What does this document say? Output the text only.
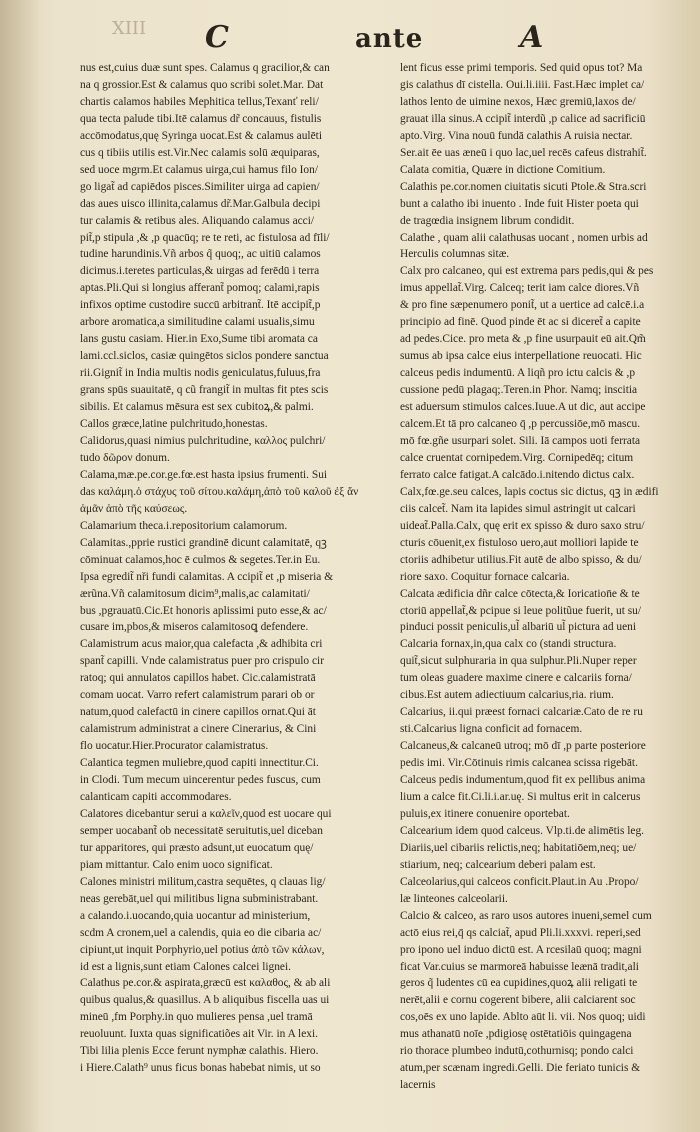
XIII C	ante	A
nus est,cuius duæ sunt spes. Calamus q gracilior,& can
na q grossior.Est & calamus quo scribi solet.Mar. Dat
chartis calamos habiles Mephitica tellus,Texanť reli/
qua tecta palude tibi.Itē calamus dr̃ concauus, fistulis
accōmodatus,quę Syringa uocat.Est & calamus aulēti
cus q tibiis utilis est.Vir.Nec calamis solū æquiparas,
sed uoce mgrm.Et calamus uirga,cui hamus filo Ion/
go ligat̃ ad capiēdos pisces.Similiter uirga ad capien/
das aues uisco illinita,calamus dr̃.Mar.Galbula decipi
tur calamis & retibus ales. Aliquando calamus acci/
pit̃,p stipula ,& ,p quacūq; re te reti, ac fistulosa ad fīli/
tudine harundinis.Vñ arbos q̃ quoq;, ac uitiū calamos
dicimus.i.teretes particulas,& uirgas ad ferēdū i terra
aptas.Pli.Qui si longius afferant̃ pomoq; calami,rapis
infixos optime custodire succū arbitrant̃. Itē accipit̃,p
arbore aromatica,a similitudine calami usualis,simu
lans gustu casiam. Hier.in Exo,Sume tibi aromata ca
lami.ccl.siclos, casiæ quingētos siclos pondere sanctua
rii.Gignit̃ in India multis nodis geniculatus,fuluus,fra
grans spūs suauitatē, q cũ frangit̃ in multas fit ptes scis
sibilis. Et calamus mēsura est sex cubitoꝝ,& palmi.
Callos græce,latine pulchritudo,honestas.
Calidorus,quasi nimius pulchritudine, καλλος pulchri/
tudo δῶρον donum.
Calama,mæ.pe.cor.ge.fœ.est hasta ipsius frumenti. Sui
das καλάμη.ὁ στάχυς τοῦ σίτου.καλάμη,ἀπὸ τοῦ καλοῦ ἐξ ἄν
ἀμᾶν ἀπὸ τῆς καύσεως.
Calamarium theca.i.repositorium calamorum.
Calamitas.,pprie rustici grandinē dicunt calamitatē, qꝫ
cōminuat calamos,hoc ē culmos & segetes.Ter.in Eu.
Ipsa egredit̃ nři fundi calamitas. A ccipit̃ et ,p miseria &
ærũna.Vñ calamitosum dicim⁹,malis,ac calamitati/
bus ,pgrauatū.Cic.Et honoris aplissimi puto esse,& ac/
cusare im,pbos,& miseros calamitosoꝗ defendere.
Calamistrum acus maior,qua calefacta ,& adhibita cri
spant̃ capilli. Vnde calamistratus puer pro crispulo cir
ratoq; qui annulatos capillos habet. Cic.calamistratā
comam uocat. Varro refert calamistrum parari ob or
natum,quod calefactū in cinere capillos ornat.Qui āt
calamistrum administrat a cinere Cinerarius, & Cini
flo uocatur.Hier.Procurator calamistratus.
Calantica tegmen muliebre,quod capiti innectitur.Ci.
in Clodi. Tum mecum uincerentur pedes fuscus, cum
calanticam capiti accommodares.
Calatores dicebantur serui a καλεῖν,quod est uocare qui
semper uocabant̃ ob necessitatē seruitutis,uel diceban
tur apparitores, qui præsto adsunt,ut euocatum quę/
piam mittantur. Calo enim uoco significat.
Calones ministri militum,castra sequētes, q clauas lig/
neas gerebāt,uel qui militibus ligna subministrabant.
a calando.i.uocando,quia uocantur ad ministerium,
scdm A cronem,uel a calendis, quia eo die cibaria ac/
cipiunt,ut inquit Porphyrio,uel potius ἀπὸ τῶν κάλων,
id est a lignis,sunt etiam Calones calcei lignei.
Calathus pe.cor.& aspirata,græcū est καλαθος, & ab ali
quibus qualus,& quasillus. A b aliquibus fiscella uas ui
mineū ,fm Porphy.in quo mulieres pensa ,uel tramā
reuoluunt. Iuxta quas significatiões ait Vir. in A lexi.
Tibi lilia plenis Ecce ferunt nymphæ calathis. Hiero.
i Hiere.Calath⁹ unus ficus bonas habebat nimis, ut so
lent ficus esse primi temporis. Sed quid opus tot? Ma
gis calathus dī cistella. Oui.li.iiii. Fast.Hæc implet ca/
lathos lento de uimine nexos, Hæc gremiū,laxos de/
grauat illa sinus.A ccipit̃ interdũ ,p calice ad sacrificiū
apto.Virg. Vina nouū fundā calathis A ruisia nectar.
Ser.ait ēe uas æneū i quo lac,uel recēs cafeus distrahit̃.
Calata comitia, Quære in dictione Comitium.
Calathis pe.cor.nomen ciuitatis sicuti Ptole.& Stra.scri
bunt a calatho ibi inuento . Inde fuit Hister poeta qui
de tragœdia insignem librum condidit.
Calathe , quam alii calathusas uocant , nomen urbis ad
Herculis columnas sitæ.
Calx pro calcaneo, qui est extrema pars pedis,qui & pes
imus appellat̃.Virg. Calceq; terit iam calce diores.Vñ
& pro fine sæpenumero ponit̃, ut a uertice ad calcē.i.a
principio ad finē. Quod pinde ēt ac si diceret̃ a capite
ad pedes.Cice. pro meta & ,p fine usurpauit eū ait.Qm̃
sumus ab ipsa calce eius interpellatione reuocati. Hic
calceus pedis indumentū. A liqñ pro ictu calcis & ,p
cussione pedū plagaq;.Teren.in Phor. Namq; inscitia
est aduersum stimulos calces.Iuue.A ut dic, aut accipe
calcem.Et tā pro calcaneo q̄ ,p percussiōe,mō mascu.
mō fœ.gñe usurpari solet. Sili. Iā campos uoti ferrata
calce cruentat cornipedem.Virg. Cornipedēq; citum
ferrato calce fatigat.A calcādo.i.nitendo dictus calx.
Calx,fœ.ge.seu calces, lapis coctus sic dictus, qꝫ in ædifi
ciis calcet̃. Nam ita lapides simul astringit ut calcari
uideat̃.Palla.Calx, quę erit ex spisso & duro saxo stru/
cturis cōuenit,ex fistuloso uero,aut molliori lapide te
ctoriis adhibetur utilius.Fit autē de albo spisso, & du/
riore saxo. Coquitur fornace calcaria.
Calcata ædificia dñr calce cōtecta,& Iorication̄e & te
ctoriū appellat̃,& pcipue si leue politũue fuerit, ut su/
pinduci possit peniculis,ul̃ albariū ul̃ pictura ad ueni
Calcaria fornax,in,qua calx co (standi structura.
quit̃,sicut sulphuraria in qua sulphur.Pli.Nuper reper
tum oleas guadere maxime cinere e calcariis forna/
cibus.Est autem adiectiuum calcarius,ria. rium.
Calcarius, ii.qui præest fornaci calcariæ.Cato de re ru
sti.Calcarius ligna conficit ad fornacem.
Calcaneus,& calcaneū utroq; mō dī ,p parte posteriore
pedis imi. Vir.Cōtinuis rimis calcanea scissa rigebāt.
Calceus pedis indumentum,quod fit ex pellibus anima
lium a calce fit.Ci.li.i.ar.uę. Si multus erit in calcerus
puluis,ex itinere conuenire oportebat.
Calcearium idem quod calceus. Vlp.ti.de alimētis leg.
Diariis,uel cibariis relictis,neq; habitatiōem,neq; ue/
stiarium, neq; calcearium deberi palam est.
Calceolarius,qui calceos conficit.Plaut.in Au .Propo/
læ linteones calceolarii.
Calcio & calceo, as raro usos autores inueni,semel cum
actō eius rei,q̄ qs calciat̃, apud Pli.li.xxxvi. reperi,sed
pro ipono uel induo dictū est. A rcesilaū quoq; magni
ficat Var.cuius se marmoreā habuisse leænā tradit,ali
geros q̃ ludentes cū ea cupidines,quoꝝ alii religati te
nerēt,alii e cornu cogerent bibere, alii calciarent soc
cos,oēs ex uno lapide. Ablto aūt li. vii. Nos quoq; uidi
mus athanatū noīe ,pdigiosę ostētatiōis quingagena
rio thorace plumbeo indutū,cothurnisq; pondo calci
atum,per scænam ingredi.Gelli. Die feriato tunicis &
lacernis
